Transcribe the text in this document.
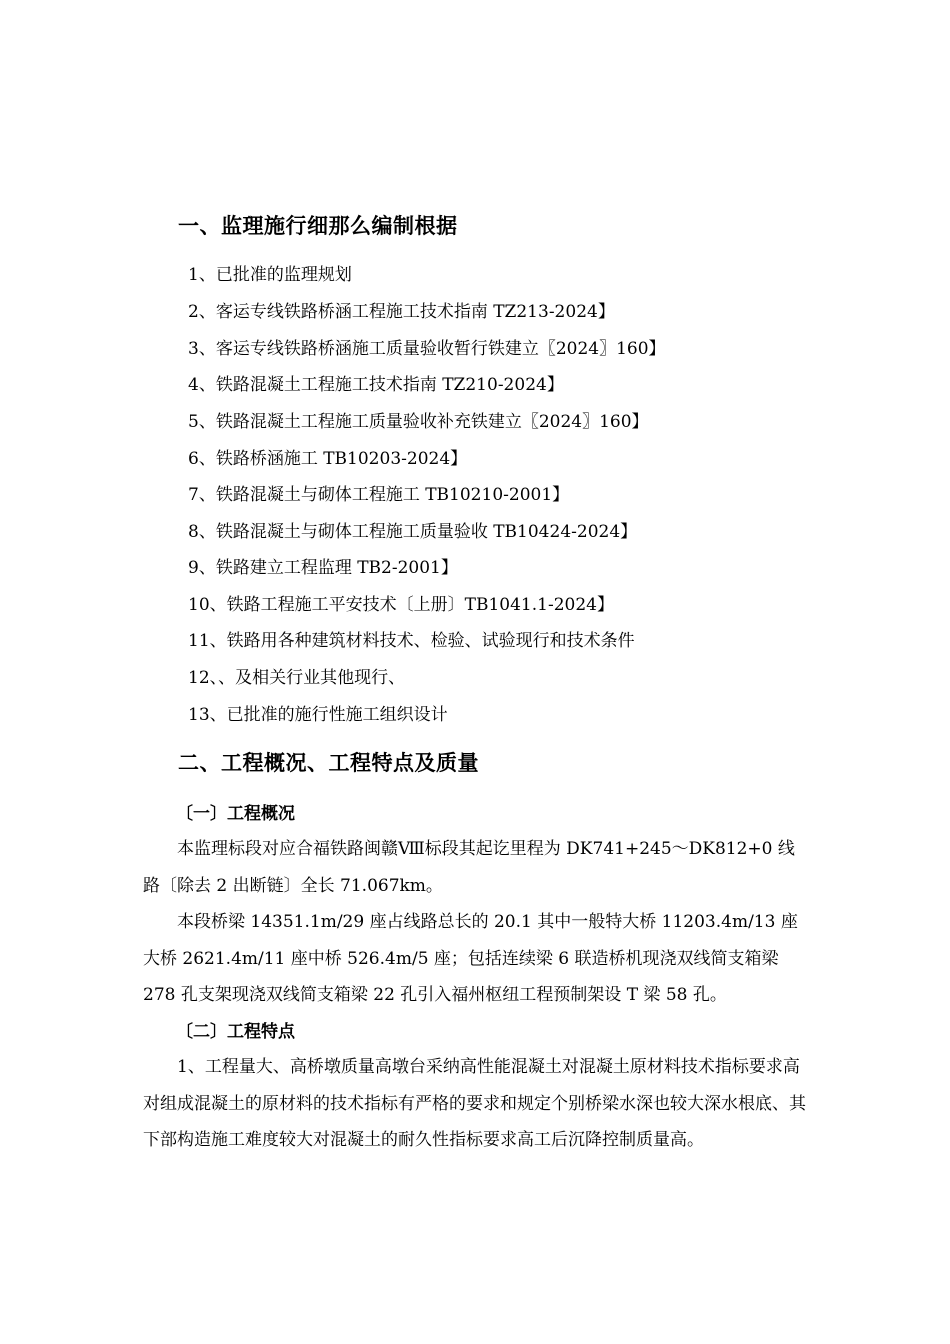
一、监理施行细那么编制根据
1、已批准的监理规划
2、客运专线铁路桥涵工程施工技术指南 TZ213-2024】
3、客运专线铁路桥涵施工质量验收暂行铁建立〖2024〗160】
4、铁路混凝土工程施工技术指南 TZ210-2024】
5、铁路混凝土工程施工质量验收补充铁建立〖2024〗160】
6、铁路桥涵施工 TB10203-2024】
7、铁路混凝土与砌体工程施工 TB10210-2001】
8、铁路混凝土与砌体工程施工质量验收 TB10424-2024】
9、铁路建立工程监理 TB2-2001】
10、铁路工程施工平安技术〔上册〕TB1041.1-2024】
11、铁路用各种建筑材料技术、检验、试验现行和技术条件
12、、及相关行业其他现行、
13、已批准的施行性施工组织设计
二、工程概况、工程特点及质量
〔一〕工程概况

本监理标段对应合福铁路闽赣Ⅷ标段其起讫里程为 DK741+245～DK812+0 线路〔除去 2 出断链〕全长 71.067km。

本段桥梁 14351.1m/29 座占线路总长的 20.1 其中一般特大桥 11203.4m/13 座大桥 2621.4m/11 座中桥 526.4m/5 座；包括连续梁 6 联造桥机现浇双线简支箱梁 278 孔支架现浇双线简支箱梁 22 孔引入福州枢纽工程预制架设 T 梁 58 孔。

〔二〕工程特点

1、工程量大、高桥墩质量高墩台采纳高性能混凝土对混凝土原材料技术指标要求高对组成混凝土的原材料的技术指标有严格的要求和规定个别桥梁水深也较大深水根底、其下部构造施工难度较大对混凝土的耐久性指标要求高工后沉降控制质量高。
